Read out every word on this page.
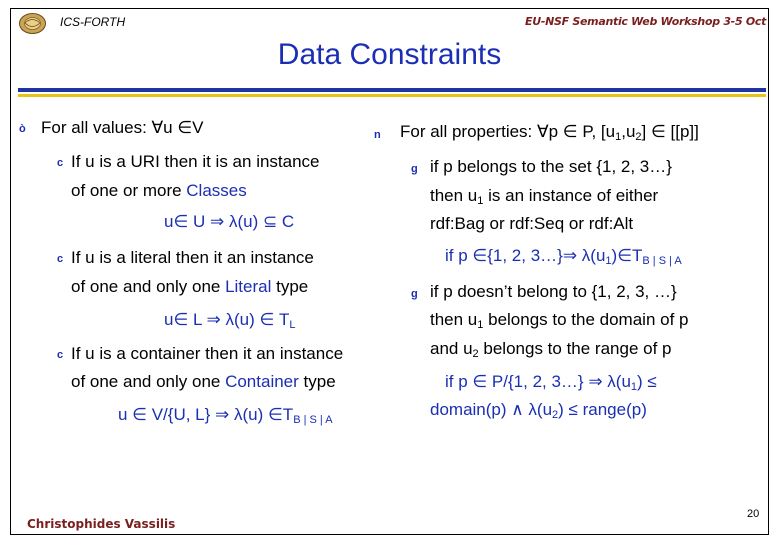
ICS-FORTH	EU-NSF Semantic Web Workshop 3-5 Oct
Data Constraints
ò For all values: ∀u ∈V
c If u is a URI then it is an instance
of one or more Classes
u∈ U ⇒ λ(u) ⊆ C
c If u is a literal then it an instance
of one and only one Literal type
u∈ L ⇒ λ(u) ∈ $T_L$
c If u is a container then it an instance
of one and only one Container type
u ∈ V/{U, L} ⇒ λ(u) $\in T_{B | S | A}$
n For all properties: ∀p ∈ P, $[u_1,u_2]$ ∈ [[p]]
g if p belongs to the set {1, 2, 3…}
then $u_1$ is an instance of either
rdf:Bag or rdf:Seq or rdf:Alt
if p ∈{1, 2, 3…}⇒ $\lambda(u_1)\in T_{B | S | A}$
g if p doesn’t belong to {1, 2, 3, …}
then $u_1$ belongs to the domain of p
and $u_2$ belongs to the range of p
if p ∈ P/{1, 2, 3…} ⇒ $\lambda(u_1)$ ≤
domain(p) ∧ $\lambda(u_2)$ ≤ range(p)
20
Christophides Vassilis
